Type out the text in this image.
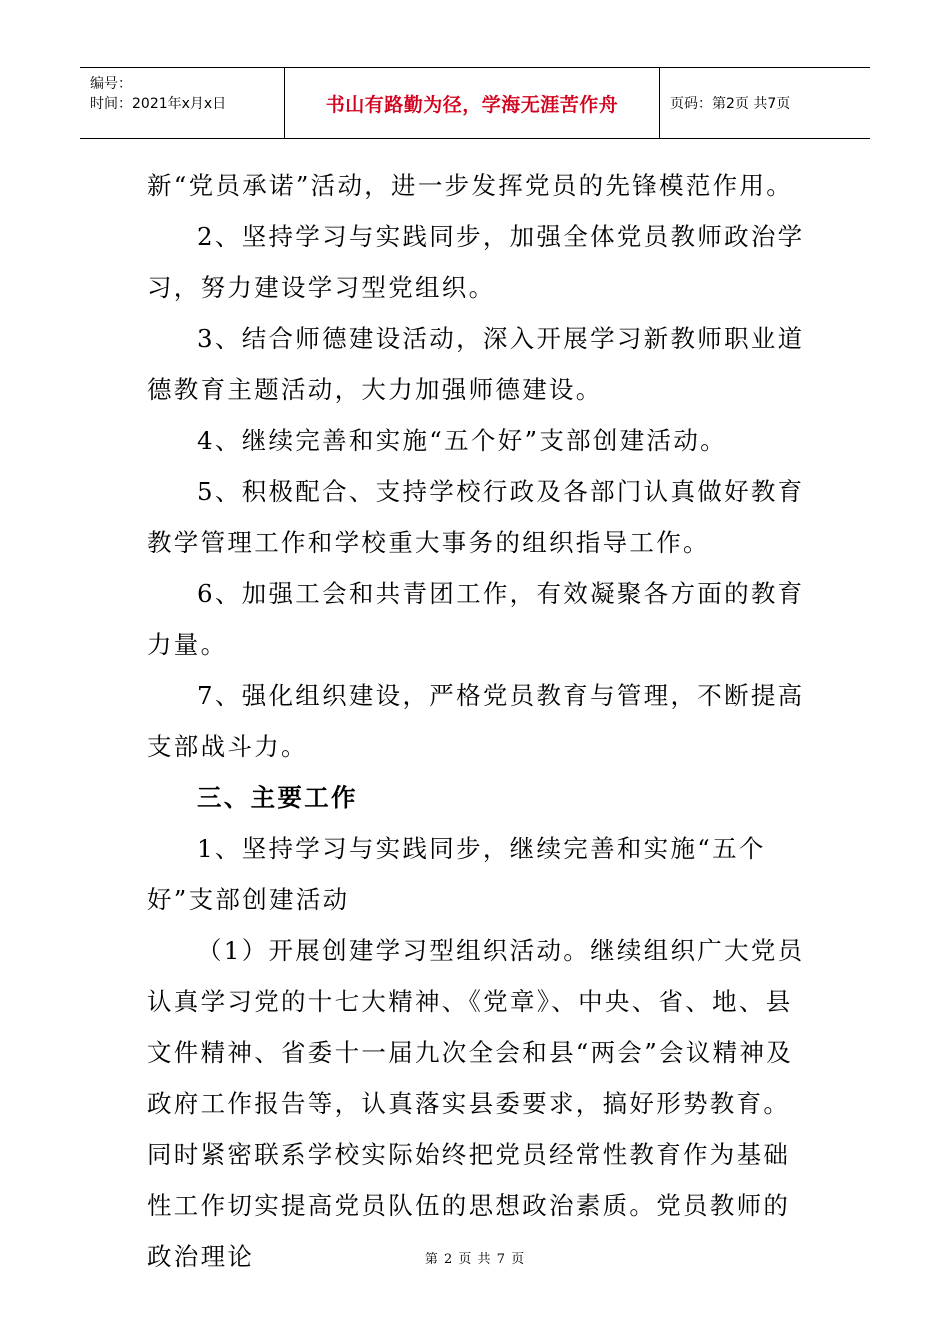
编号：
时间：2021年x月x日	书山有路勤为径，学海无涯苦作舟	页码：第2页 共7页

新“党员承诺”活动，进一步发挥党员的先锋模范作用。

2、坚持学习与实践同步，加强全体党员教师政治学习，努力建设学习型党组织。

3、结合师德建设活动，深入开展学习新教师职业道德教育主题活动，大力加强师德建设。

4、继续完善和实施“五个好”支部创建活动。

5、积极配合、支持学校行政及各部门认真做好教育教学管理工作和学校重大事务的组织指导工作。

6、加强工会和共青团工作，有效凝聚各方面的教育力量。

7、强化组织建设，严格党员教育与管理，不断提高支部战斗力。

三、主要工作

1、坚持学习与实践同步，继续完善和实施“五个好”支部创建活动

（1）开展创建学习型组织活动。继续组织广大党员认真学习党的十七大精神、《党章》、中央、省、地、县文件精神、省委十一届九次全会和县“两会”会议精神及政府工作报告等，认真落实县委要求，搞好形势教育。同时紧密联系学校实际始终把党员经常性教育作为基础性工作切实提高党员队伍的思想政治素质。党员教师的政治理论	第 2 页 共 7 页
